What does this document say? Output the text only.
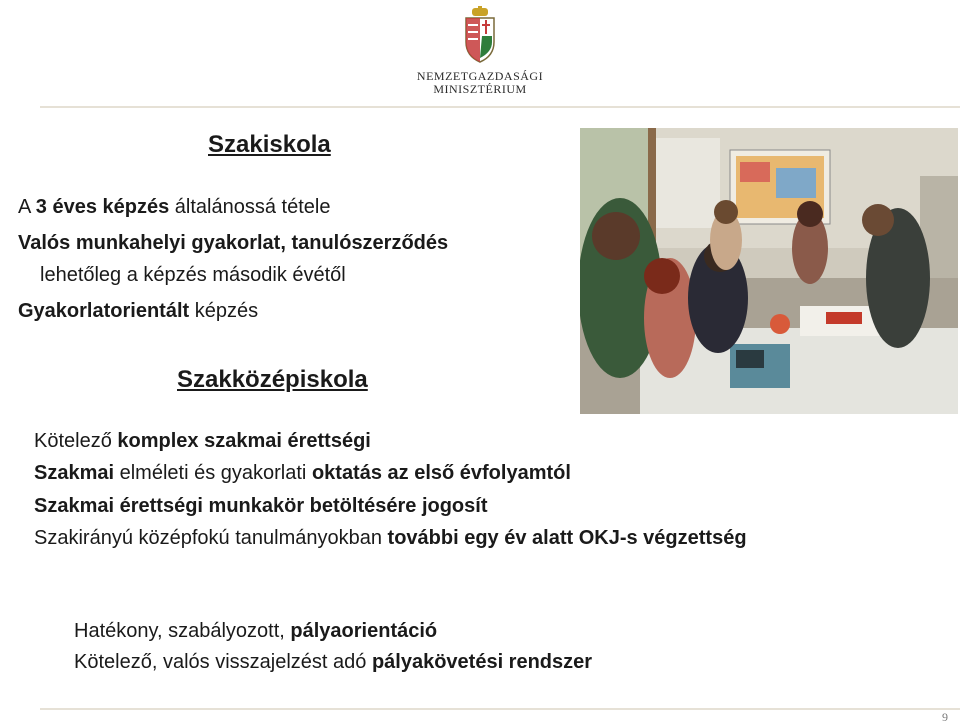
NEMZETGAZDASÁGI
MINISZTÉRIUM
Szakiskola
A 3 éves képzés általánossá tétele
Valós munkahelyi gyakorlat, tanulószerződés
lehetőleg a képzés második évétől
Gyakorlatorientált képzés
Szakközépiskola
Kötelező komplex szakmai érettségi
Szakmai elméleti és gyakorlati oktatás az első évfolyamtól
Szakmai érettségi munkakör betöltésére jogosít
Szakirányú középfokú tanulmányokban további egy év alatt OKJ-s végzettség
Hatékony, szabályozott, pályaorientáció
Kötelező, valós visszajelzést adó pályakövetési rendszer
9
